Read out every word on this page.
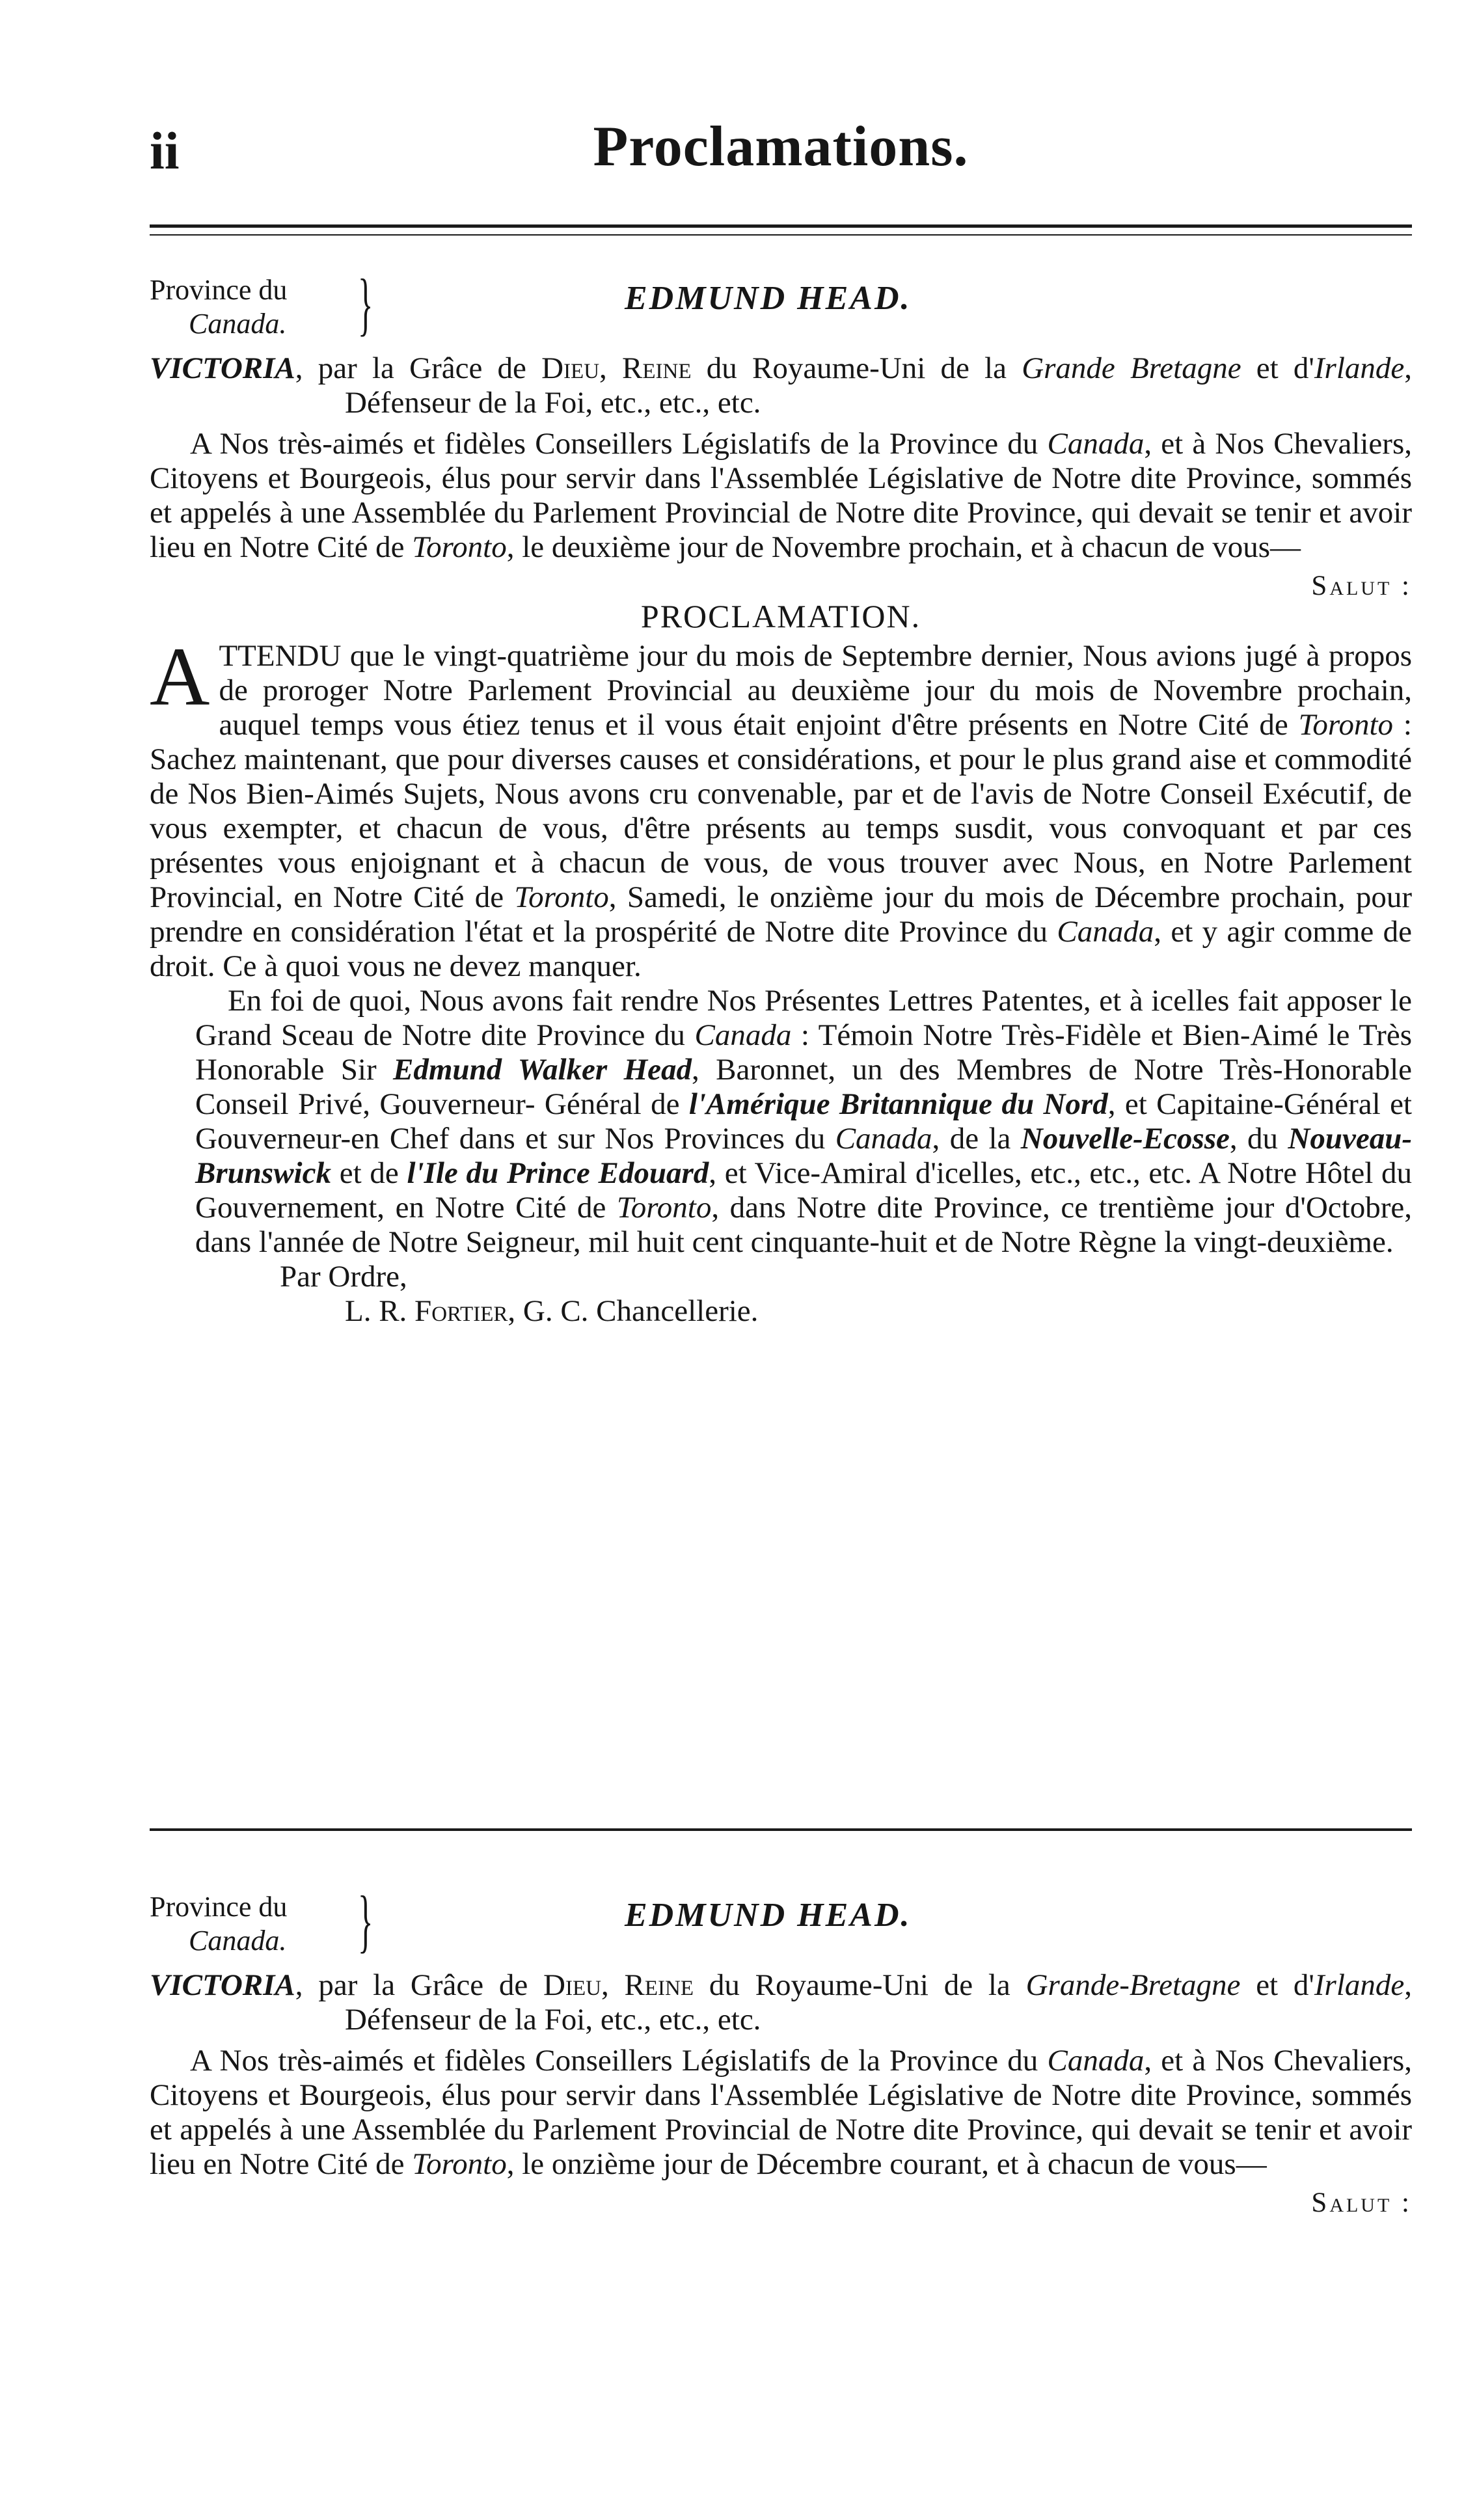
ii	Proclamations.
Province du
Canada.	}	EDMUND HEAD.

VICTORIA, par la Grâce de Dieu, Reine du Royaume-Uni de la Grande Bretagne et d'Irlande, Défenseur de la Foi, etc., etc., etc.

A Nos très-aimés et fidèles Conseillers Législatifs de la Province du Canada, et à Nos Chevaliers, Citoyens et Bourgeois, élus pour servir dans l'Assemblée Législative de Notre dite Province, sommés et appelés à une Assemblée du Parlement Provincial de Notre dite Province, qui devait se tenir et avoir lieu en Notre Cité de Toronto, le deuxième jour de Novembre prochain, et à chacun de vous—

Salut :

PROCLAMATION.

ATTENDU que le vingt-quatrième jour du mois de Septembre dernier, Nous avions jugé à propos de proroger Notre Parlement Provincial au deuxième jour du mois de Novembre prochain, auquel temps vous étiez tenus et il vous était enjoint d'être présents en Notre Cité de Toronto : Sachez maintenant, que pour diverses causes et considérations, et pour le plus grand aise et commodité de Nos Bien-Aimés Sujets, Nous avons cru convenable, par et de l'avis de Notre Conseil Exécutif, de vous exempter, et chacun de vous, d'être présents au temps susdit, vous convoquant et par ces présentes vous enjoignant et à chacun de vous, de vous trouver avec Nous, en Notre Parlement Provincial, en Notre Cité de Toronto, Samedi, le onzième jour du mois de Décembre prochain, pour prendre en considération l'état et la prospérité de Notre dite Province du Canada, et y agir comme de droit. Ce à quoi vous ne devez manquer.

En foi de quoi, Nous avons fait rendre Nos Présentes Lettres Patentes, et à icelles fait apposer le Grand Sceau de Notre dite Province du Canada : Témoin Notre Très-Fidèle et Bien-Aimé le Très Honorable Sir Edmund Walker Head, Baronnet, un des Membres de Notre Très-Honorable Conseil Privé, Gouverneur- Général de l'Amérique Britannique du Nord, et Capitaine-Général et Gouverneur-en Chef dans et sur Nos Provinces du Canada, de la Nouvelle-Ecosse, du Nouveau-Brunswick et de l'Ile du Prince Edouard, et Vice-Amiral d'icelles, etc., etc., etc. A Notre Hôtel du Gouvernement, en Notre Cité de Toronto, dans Notre dite Province, ce trentième jour d'Octobre, dans l'année de Notre Seigneur, mil huit cent cinquante-huit et de Notre Règne la vingt-deuxième.

Par Ordre,

L. R. Fortier, G. C. Chancellerie.

Province du
Canada.	}	EDMUND HEAD.

VICTORIA, par la Grâce de Dieu, Reine du Royaume-Uni de la Grande-Bretagne et d'Irlande, Défenseur de la Foi, etc., etc., etc.

A Nos très-aimés et fidèles Conseillers Législatifs de la Province du Canada, et à Nos Chevaliers, Citoyens et Bourgeois, élus pour servir dans l'Assemblée Législative de Notre dite Province, sommés et appelés à une Assemblée du Parlement Provincial de Notre dite Province, qui devait se tenir et avoir lieu en Notre Cité de Toronto, le onzième jour de Décembre courant, et à chacun de vous—

Salut :
